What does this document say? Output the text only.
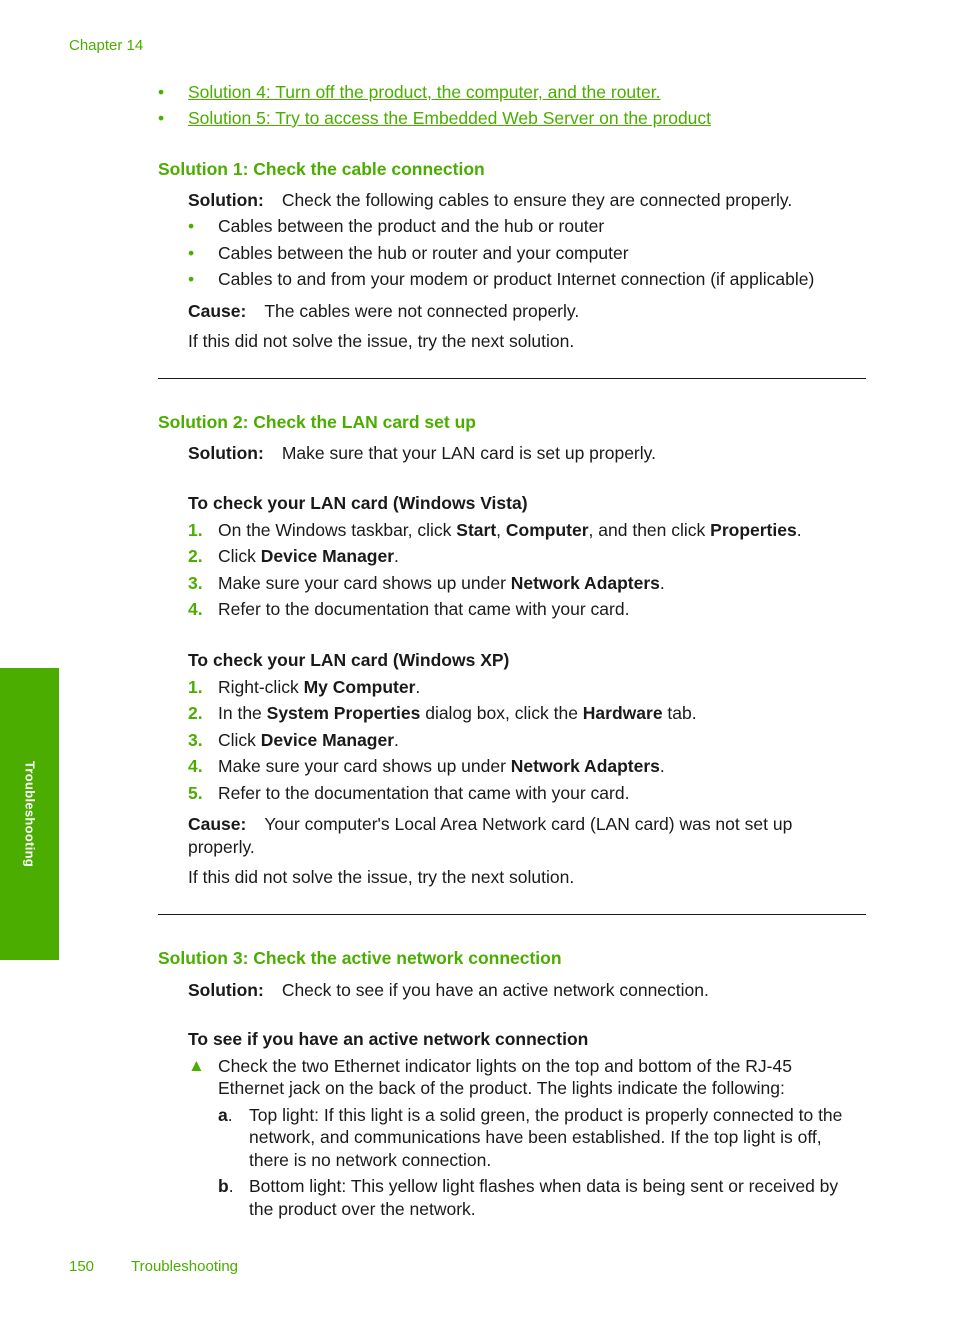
Chapter 14
• Solution 4: Turn off the product, the computer, and the router.
• Solution 5: Try to access the Embedded Web Server on the product
Solution 1: Check the cable connection
Solution: Check the following cables to ensure they are connected properly.
• Cables between the product and the hub or router
• Cables between the hub or router and your computer
• Cables to and from your modem or product Internet connection (if applicable)
Cause: The cables were not connected properly.
If this did not solve the issue, try the next solution.
Solution 2: Check the LAN card set up
Solution: Make sure that your LAN card is set up properly.
To check your LAN card (Windows Vista)
1. On the Windows taskbar, click Start, Computer, and then click Properties.
2. Click Device Manager.
3. Make sure your card shows up under Network Adapters.
4. Refer to the documentation that came with your card.
To check your LAN card (Windows XP)
1. Right-click My Computer.
2. In the System Properties dialog box, click the Hardware tab.
3. Click Device Manager.
4. Make sure your card shows up under Network Adapters.
5. Refer to the documentation that came with your card.
Cause: Your computer's Local Area Network card (LAN card) was not set up
properly.
If this did not solve the issue, try the next solution.
Solution 3: Check the active network connection
Solution: Check to see if you have an active network connection.
To see if you have an active network connection
▲ Check the two Ethernet indicator lights on the top and bottom of the RJ-45
Ethernet jack on the back of the product. The lights indicate the following:
a. Top light: If this light is a solid green, the product is properly connected to the
network, and communications have been established. If the top light is off,
there is no network connection.
b. Bottom light: This yellow light flashes when data is being sent or received by
the product over the network.
Troubleshooting
150 Troubleshooting
